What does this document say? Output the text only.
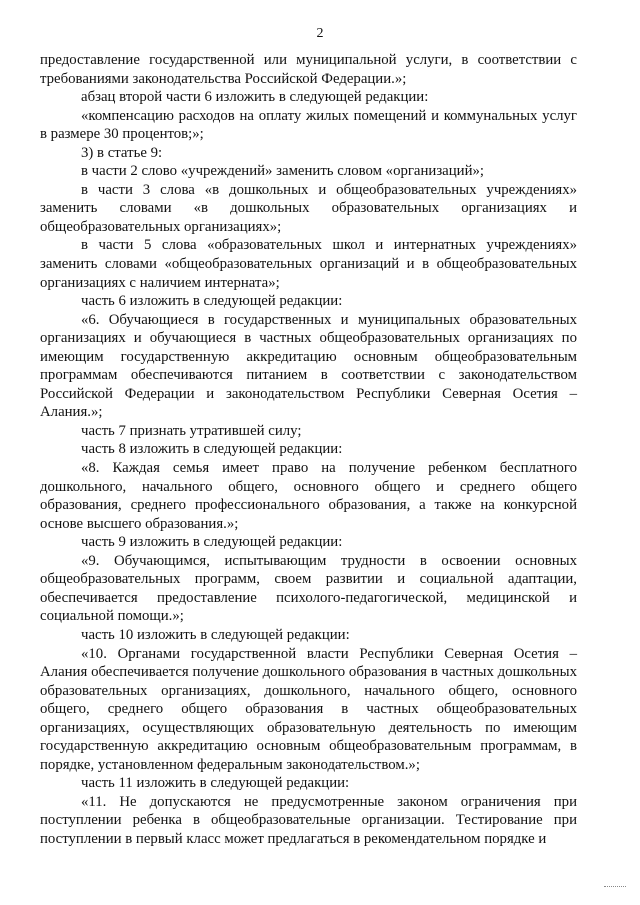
2

предоставление государственной или муниципальной услуги, в соответствии с требованиями законодательства Российской Федерации.»;

абзац второй части 6 изложить в следующей редакции:

«компенсацию расходов на оплату жилых помещений и коммунальных услуг в размере 30 процентов;»;

3) в статье 9:

в части 2 слово «учреждений» заменить словом «организаций»;

в части 3 слова «в дошкольных и общеобразовательных учреждениях» заменить словами «в дошкольных образовательных организациях и общеобразовательных организациях»;

в части 5 слова «образовательных школ и интернатных учреждениях» заменить словами «общеобразовательных организаций и в общеобразовательных организациях с наличием интерната»;

часть 6 изложить в следующей редакции:

«6. Обучающиеся в государственных и муниципальных образовательных организациях и обучающиеся в частных общеобразовательных организациях по имеющим государственную аккредитацию основным общеобразовательным программам обеспечиваются питанием в соответствии с законодательством Российской Федерации и законодательством Республики Северная Осетия – Алания.»;

часть 7 признать утратившей силу;

часть 8 изложить в следующей редакции:

«8. Каждая семья имеет право на получение ребенком бесплатного дошкольного, начального общего, основного общего и среднего общего образования, среднего профессионального образования, а также на конкурсной основе высшего образования.»;

часть 9 изложить в следующей редакции:

«9. Обучающимся, испытывающим трудности в освоении основных общеобразовательных программ, своем развитии и социальной адаптации, обеспечивается предоставление психолого-педагогической, медицинской и социальной помощи.»;

часть 10 изложить в следующей редакции:

«10. Органами государственной власти Республики Северная Осетия – Алания обеспечивается получение дошкольного образования в частных дошкольных образовательных организациях, дошкольного, начального общего, основного общего, среднего общего образования в частных общеобразовательных организациях, осуществляющих образовательную деятельность по имеющим государственную аккредитацию основным общеобразовательным программам, в порядке, установленном федеральным законодательством.»;

часть 11 изложить в следующей редакции:

«11. Не допускаются не предусмотренные законом ограничения при поступлении ребенка в общеобразовательные организации. Тестирование при поступлении в первый класс может предлагаться в рекомендательном порядке и
